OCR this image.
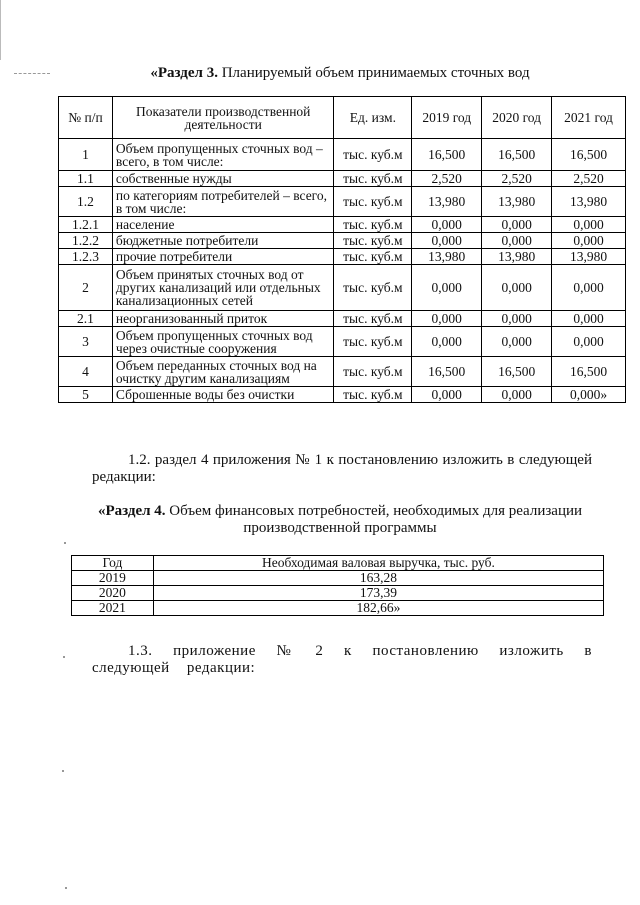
«Раздел 3. Планируемый объем принимаемых сточных вод
№ п/п	Показатели производственной деятельности	Ед. изм.	2019 год	2020 год	2021 год
1	Объем пропущенных сточных вод – всего, в том числе:	тыс. куб.м	16,500	16,500	16,500
1.1	собственные нужды	тыс. куб.м	2,520	2,520	2,520
1.2	по категориям потребителей – всего, в том числе:	тыс. куб.м	13,980	13,980	13,980
1.2.1	население	тыс. куб.м	0,000	0,000	0,000
1.2.2	бюджетные потребители	тыс. куб.м	0,000	0,000	0,000
1.2.3	прочие потребители	тыс. куб.м	13,980	13,980	13,980
2	Объем принятых сточных вод от других канализаций или отдельных канализационных сетей	тыс. куб.м	0,000	0,000	0,000
2.1	неорганизованный приток	тыс. куб.м	0,000	0,000	0,000
3	Объем пропущенных сточных вод через очистные сооружения	тыс. куб.м	0,000	0,000	0,000
4	Объем переданных сточных вод на очистку другим канализациям	тыс. куб.м	16,500	16,500	16,500
5	Сброшенные воды без очистки	тыс. куб.м	0,000	0,000	0,000»
1.2. раздел 4 приложения № 1 к постановлению изложить в следующей редакции:
«Раздел 4. Объем финансовых потребностей, необходимых для реализации производственной программы
Год	Необходимая валовая выручка, тыс. руб.
2019	163,28
2020	173,39
2021	182,66»
1.3. приложение № 2 к постановлению изложить в следующей редакции:
